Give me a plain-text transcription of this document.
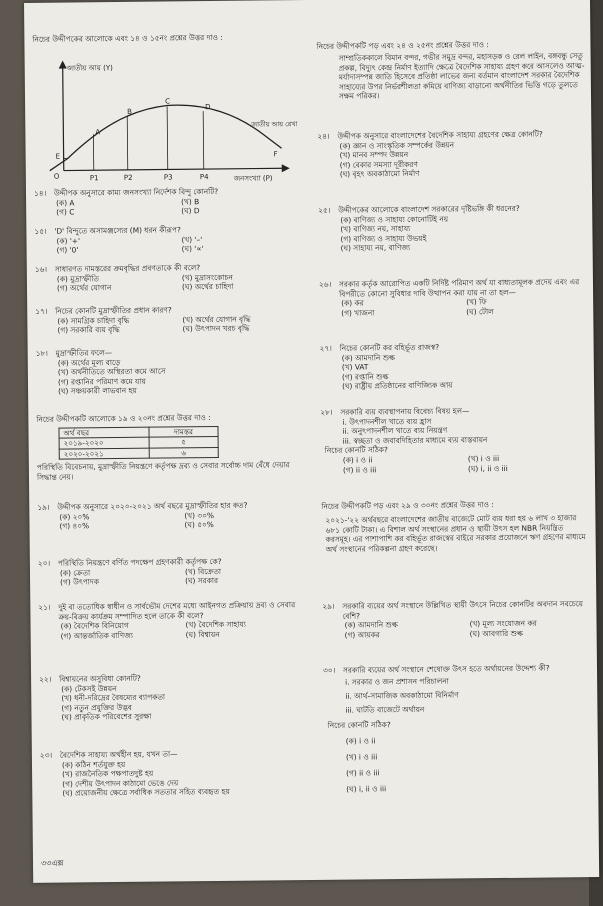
নিচের উদ্দীপকের আলোকে এবং ১৪ ও ১৫নং প্রশ্নের উত্তর দাও :
জাতীয় আয় (Y)
জনসংখ্যা (P)
জাতীয় আয় রেখা
A
B
C
D
E	F
O	P1	P2	P3	P4
১৪।	উদ্দীপক অনুসারে কাম্য জনসংখ্যা নির্দেশক বিন্দু কোনটি?
(ক) A	(খ) B
(গ) C	(ঘ) D
১৫।	'D' বিন্দুতে অসামঞ্জস্যের (M) ধরন কীরূপ?
(ক) '+'	(খ) '–'
(গ) '0'	(ঘ) '∝'
১৬।	সাধারণত দামস্তরের ক্রমবৃদ্ধির প্রবণতাকে কী বলে?
(ক) মুদ্রাস্ফীতি	(খ) মুদ্রাসংকোচন
(গ) অর্থের যোগান	(ঘ) অর্থের চাহিদা
১৭।	নিচের কোনটি মুদ্রাস্ফীতির প্রধান কারণ?
(ক) সামগ্রিক চাহিদা বৃদ্ধি	(খ) অর্থের যোগান বৃদ্ধি
(গ) সরকারি ব্যয় বৃদ্ধি	(ঘ) উৎপাদন খরচ বৃদ্ধি
১৮।	মুদ্রাস্ফীতির ফলে—
(ক) অর্থের মূল্য বাড়ে
(খ) অর্থনীতিতে অস্থিরতা কমে আসে
(গ) রপ্তানির পরিমাণ কমে যায়
(ঘ) সঞ্চয়কারী লাভবান হয়
নিচের উদ্দীপকটি আলোকে ১৯ ও ২০নং প্রশ্নের উত্তর দাও :
অর্থ বছর	দামস্তর
২০১৯-২০২০	৫
২০২০-২০২১	৬
পরিস্থিতি বিবেচনায়, মুদ্রাস্ফীতি নিয়ন্ত্রণে কর্তৃপক্ষ দ্রব্য ও সেবার সর্বোচ্চ দাম বেঁধে দেয়ার সিদ্ধান্ত নেয়।
১৯।	উদ্দীপক অনুসারে ২০২০-২০২১ অর্থ বছরে মুদ্রাস্ফীতির হার কত?
(ক) ২০%	(খ) ৩০%
(গ) ৪০%	(ঘ) ৫০%
২০।	পরিস্থিতি নিয়ন্ত্রণে বর্ণিত পদক্ষেপ গ্রহণকারী কর্তৃপক্ষ কে?
(ক) ক্রেতা	(খ) বিক্রেতা
(গ) উৎপাদক	(ঘ) সরকার
২১।	দুই বা ততোধিক স্বাধীন ও সার্বভৌম দেশের মধ্যে আইনগত প্রক্রিয়ায় দ্রব্য ও সেবার ক্রয়-বিক্রয় কার্যক্রম সম্পাদিত হলে তাকে কী বলে?
(ক) বৈদেশিক বিনিয়োগ	(খ) বৈদেশিক সাহায্য
(গ) আন্তর্জাতিক বাণিজ্য	(ঘ) বিশ্বায়ন
২২।	বিশ্বায়নের অসুবিধা কোনটি?
(ক) টেকসই উন্নয়ন
(খ) ধনী-দরিদ্রের বৈষম্যের ব্যাপকতা
(গ) নতুন প্রযুক্তির উদ্ভব
(ঘ) প্রাকৃতিক পরিবেশের সুরক্ষা
২৩।	বৈদেশিক সাহায্য অর্থহীন হয়, যখন তা—
(ক) কঠিন শর্তযুক্ত হয়
(খ) রাজনৈতিক পক্ষপাতদুষ্ট হয়
(গ) দেশীয় উৎপাদন কাঠামো ভেঙে দেয়
(ঘ) প্রয়োজনীয় ক্ষেত্রে সর্বাধিক সততার সহিত ব্যবহৃত হয়
৩৩এক্স
নিচের উদ্দীপকটি পড় এবং ২৪ ও ২৫নং প্রশ্নের উত্তর দাও :
সাম্প্রতিককালে বিমান বন্দর, গভীর সমুদ্র বন্দর, মহাসড়ক ও রেল লাইন, বঙ্গবন্ধু সেতু প্রকল্প, বিদ্যুৎ কেন্দ্র নির্মাণ ইত্যাদি ক্ষেত্রে বৈদেশিক সাহায্য গ্রহণ করে আসলেও আত্ম-মর্যাদাসম্পন্ন জাতি হিসেবে প্রতিষ্ঠা লাভের জন্য বর্তমান বাংলাদেশ সরকার বৈদেশিক সাহায্যের উপর নির্ভরশীলতা কমিয়ে বাণিজ্য বাড়ানো অর্থনীতির ভিত্তি গড়ে তুলতে সক্ষম পরিকর।
২৪।	উদ্দীপক অনুসারে বাংলাদেশের বৈদেশিক সাহায্য গ্রহণের ক্ষেত্র কোনটি?
(ক) জ্ঞান ও সাংস্কৃতিক সম্পর্কের উন্নয়ন
(খ) মানব সম্পদ উন্নয়ন
(গ) বেকার সমস্যা দূরীকরণ
(ঘ) বৃহৎ অবকাঠামো নির্মাণ
২৫।	উদ্দীপকের আলোকে বাংলাদেশ সরকারের দৃষ্টিভঙ্গি কী ধরনের?
(ক) বাণিজ্য ও সাহায্য কোনোটিই নয়
(খ) বাণিজ্য নয়, সাহায্য
(গ) বাণিজ্য ও সাহায্য উভয়ই
(ঘ) সাহায্য নয়, বাণিজ্য
২৬।	সরকার কর্তৃক আরোপিত একটি নির্দিষ্ট পরিমাণ অর্থ যা বাধ্যতামূলক প্রদেয় এবং এর বিপরীতে কোনো সুবিধার দাবি উত্থাপন করা যায় না তা হল—
(ক) কর	(খ) ফি
(গ) খাজনা	(ঘ) টোল
২৭।	নিচের কোনটি কর বহির্ভূত রাজস্ব?
(ক) আমদানি শুল্ক
(খ) VAT
(গ) রপ্তানি শুল্ক
(ঘ) রাষ্ট্রীয় প্রতিষ্ঠানের বাণিজ্যিক আয়
২৮।	সরকারি ব্যয় ব্যবস্থাপনায় বিবেচ্য বিষয় হল—
i. উৎপাদনশীল খাতে ব্যয় হ্রাস
ii. অনুৎপাদনশীল খাতে ব্যয় নিয়ন্ত্রণ
iii. স্বচ্ছতা ও জবাবদিহিতার মাধ্যমে ব্যয় বাস্তবায়ন
নিচের কোনটি সঠিক?
(ক) i ও ii	(খ) i ও iii
(গ) ii ও iii	(ঘ) i, ii ও iii
নিচের উদ্দীপকটি পড় এবং ২৯ ও ৩০নং প্রশ্নের উত্তর দাও :
২০২১-'২২ অর্থবছরে বাংলাদেশের জাতীয় বাজেটে মোট ব্যয় ধরা হয় ৬ লাখ ৩ হাজার ৬৮১ কোটি টাকা। এ বিশাল অর্থ সংস্থানের প্রধান ও স্থায়ী উৎস হল NBR নিয়ন্ত্রিত করসমূহ। এর পাশাপাশি কর বহির্ভূত রাজস্বের বাইরে সরকার প্রয়োজনে ঋণ গ্রহণের মাধ্যমে অর্থ সংস্থানের পরিকল্পনা গ্রহণ করেছে।
২৯।	সরকারি ব্যয়ের অর্থ সংস্থানে উল্লিখিত স্থায়ী উৎসে নিচের কোনটির অবদান সবচেয়ে বেশি?
(ক) আমদানি শুল্ক	(খ) মূল্য সংযোজন কর
(গ) আয়কর	(ঘ) আবগারি শুল্ক
৩০।	সরকারি ব্যয়ের অর্থ সংস্থানে শেষোক্ত উৎস হতে অর্থায়নের উদ্দেশ্য কী?
i. সরকার ও জন প্রশাসন পরিচালনা
ii. আর্থ-সামাজিক অবকাঠামো বিনির্মাণ
iii. ঘাটতি বাজেটে অর্থায়ন
নিচের কোনটি সঠিক?
(ক) i ও ii
(খ) i ও iii
(গ) ii ও iii
(ঘ) i, ii ও iii
